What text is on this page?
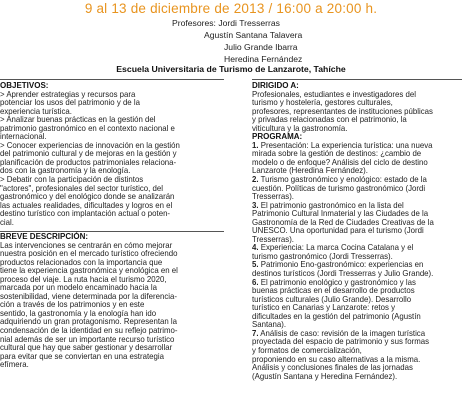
9 al 13 de diciembre de 2013 / 16:00 a 20:00 h.
Profesores: Jordi Tresserras
Agustín Santana Talavera
Julio Grande Ibarra
Heredina Fernández
Escuela Universitaria de Turismo de Lanzarote, Tahíche
OBJETIVOS:
> Aprender estrategias y recursos para
potenciar los usos del patrimonio y de la
experiencia turística.
> Analizar buenas prácticas en la gestión del
patrimonio gastronómico en el contexto nacional e
internacional.
> Conocer experiencias de innovación en la gestión
del patrimonio cultural y de mejoras en la gestión y
planificación de productos patrimoniales relaciona-
dos con la gastronomía y la enología.
> Debatir con la participación de distintos
"actores", profesionales del sector turístico, del
gastronómico y del enológico donde se analizarán
las actuales realidades, dificultades y logros en el
destino turístico con implantación actual o poten-
cial.
BREVE DESCRIPCIÓN:
Las intervenciones se centrarán en cómo mejorar
nuestra posición en el mercado turístico ofreciendo
productos relacionados con la importancia que
tiene la experiencia gastronómica y enológica en el
proceso del viaje. La ruta hacia el turismo 2020,
marcada por un modelo encaminado hacia la
sostenibilidad, viene determinada por la diferencia-
ción a través de los patrimonios y en este
sentido, la gastronomía y la enología han ido
adquiriendo un gran protagonismo. Representan la
condensación de la identidad en su reflejo patrimo-
nial además de ser un importante recurso turístico
cultural que hay que saber gestionar y desarrollar
para evitar que se conviertan en una estrategia
efímera.
DIRIGIDO A:
Profesionales, estudiantes e investigadores del
turismo y hostelería, gestores culturales,
profesores, representantes de instituciones públicas
y privadas relacionadas con el patrimonio, la
viticultura y la gastronomía.
PROGRAMA:
1. Presentación: La experiencia turística: una nueva
mirada sobre la gestión de destinos: ¿cambio de
modelo o de enfoque? Análisis del ciclo de destino
Lanzarote (Heredina Fernández).
2. Turismo gastronómico y enológico: estado de la
cuestión. Políticas de turismo gastronómico (Jordi
Tresserras).
3. El patrimonio gastronómico en la lista del
Patrimonio Cultural Inmaterial y las Ciudades de la
Gastronomía de la Red de Ciudades Creativas de la
UNESCO. Una oportunidad para el turismo (Jordi
Tresserras).
4. Experiencia: La marca Cocina Catalana y el
turismo gastronómico (Jordi Tresserras).
5. Patrimonio Eno-gastronómico: experiencias en
destinos turísticos (Jordi Tresserras y Julio Grande).
6. El patrimonio enológico y gastronómico y las
buenas prácticas en el desarrollo de productos
turísticos culturales (Julio Grande). Desarrollo
turístico en Canarias y Lanzarote: retos y
dificultades en la gestión del patrimonio (Agustín
Santana).
7. Análisis de caso: revisión de la imagen turística
proyectada del espacio de patrimonio y sus formas
y formatos de comercialización,
proponiendo en su caso alternativas a la misma.
Análisis y conclusiones finales de las jornadas
(Agustín Santana y Heredina Fernández).
